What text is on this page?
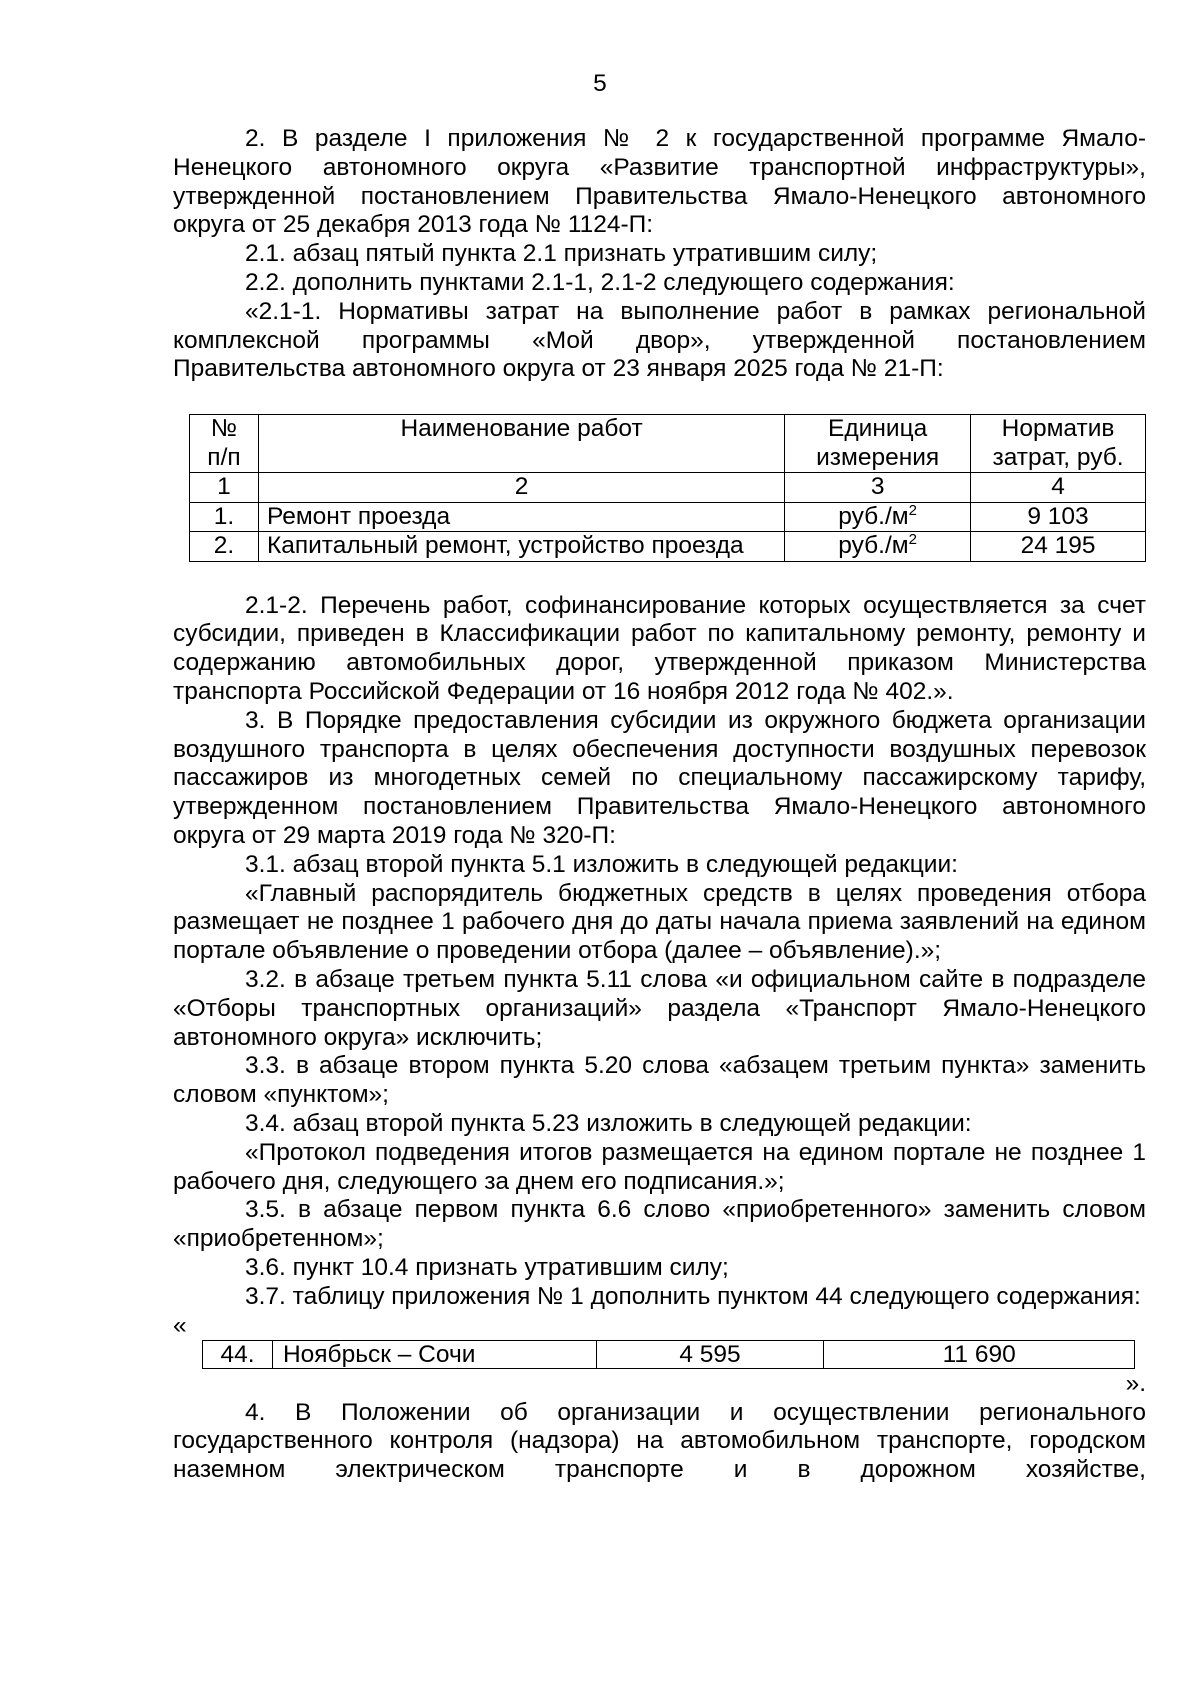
5

2. В разделе I приложения № 2 к государственной программе Ямало-Ненецкого автономного округа «Развитие транспортной инфраструктуры», утвержденной постановлением Правительства Ямало-Ненецкого автономного округа от 25 декабря 2013 года № 1124-П:

2.1. абзац пятый пункта 2.1 признать утратившим силу;

2.2. дополнить пунктами 2.1-1, 2.1-2 следующего содержания:

«2.1-1. Нормативы затрат на выполнение работ в рамках региональной комплексной программы «Мой двор», утвержденной постановлением Правительства автономного округа от 23 января 2025 года № 21-П:

№ п/п	Наименование работ	Единица измерения	Норматив затрат, руб.
1	2	3	4
1.	Ремонт проезда	$руб./м^2$	9 103
2.	Капитальный ремонт, устройство проезда	$руб./м^2$	24 195

2.1-2. Перечень работ, софинансирование которых осуществляется за счет субсидии, приведен в Классификации работ по капитальному ремонту, ремонту и содержанию автомобильных дорог, утвержденной приказом Министерства транспорта Российской Федерации от 16 ноября 2012 года № 402.».

3. В Порядке предоставления субсидии из окружного бюджета организации воздушного транспорта в целях обеспечения доступности воздушных перевозок пассажиров из многодетных семей по специальному пассажирскому тарифу, утвержденном постановлением Правительства Ямало-Ненецкого автономного округа от 29 марта 2019 года № 320-П:

3.1. абзац второй пункта 5.1 изложить в следующей редакции:

«Главный распорядитель бюджетных средств в целях проведения отбора размещает не позднее 1 рабочего дня до даты начала приема заявлений на едином портале объявление о проведении отбора (далее – объявление).»;

3.2. в абзаце третьем пункта 5.11 слова «и официальном сайте в подразделе «Отборы транспортных организаций» раздела «Транспорт Ямало-Ненецкого автономного округа» исключить;

3.3. в абзаце втором пункта 5.20 слова «абзацем третьим пункта» заменить словом «пунктом»;

3.4. абзац второй пункта 5.23 изложить в следующей редакции:

«Протокол подведения итогов размещается на едином портале не позднее 1 рабочего дня, следующего за днем его подписания.»;

3.5. в абзаце первом пункта 6.6 слово «приобретенного» заменить словом «приобретенном»;

3.6. пункт 10.4 признать утратившим силу;

3.7. таблицу приложения № 1 дополнить пунктом 44 следующего содержания:

«
44.	Ноябрьск – Сочи	4 595	11 690
».

4. В Положении об организации и осуществлении регионального государственного контроля (надзора) на автомобильном транспорте, городском наземном электрическом транспорте и в дорожном хозяйстве,
